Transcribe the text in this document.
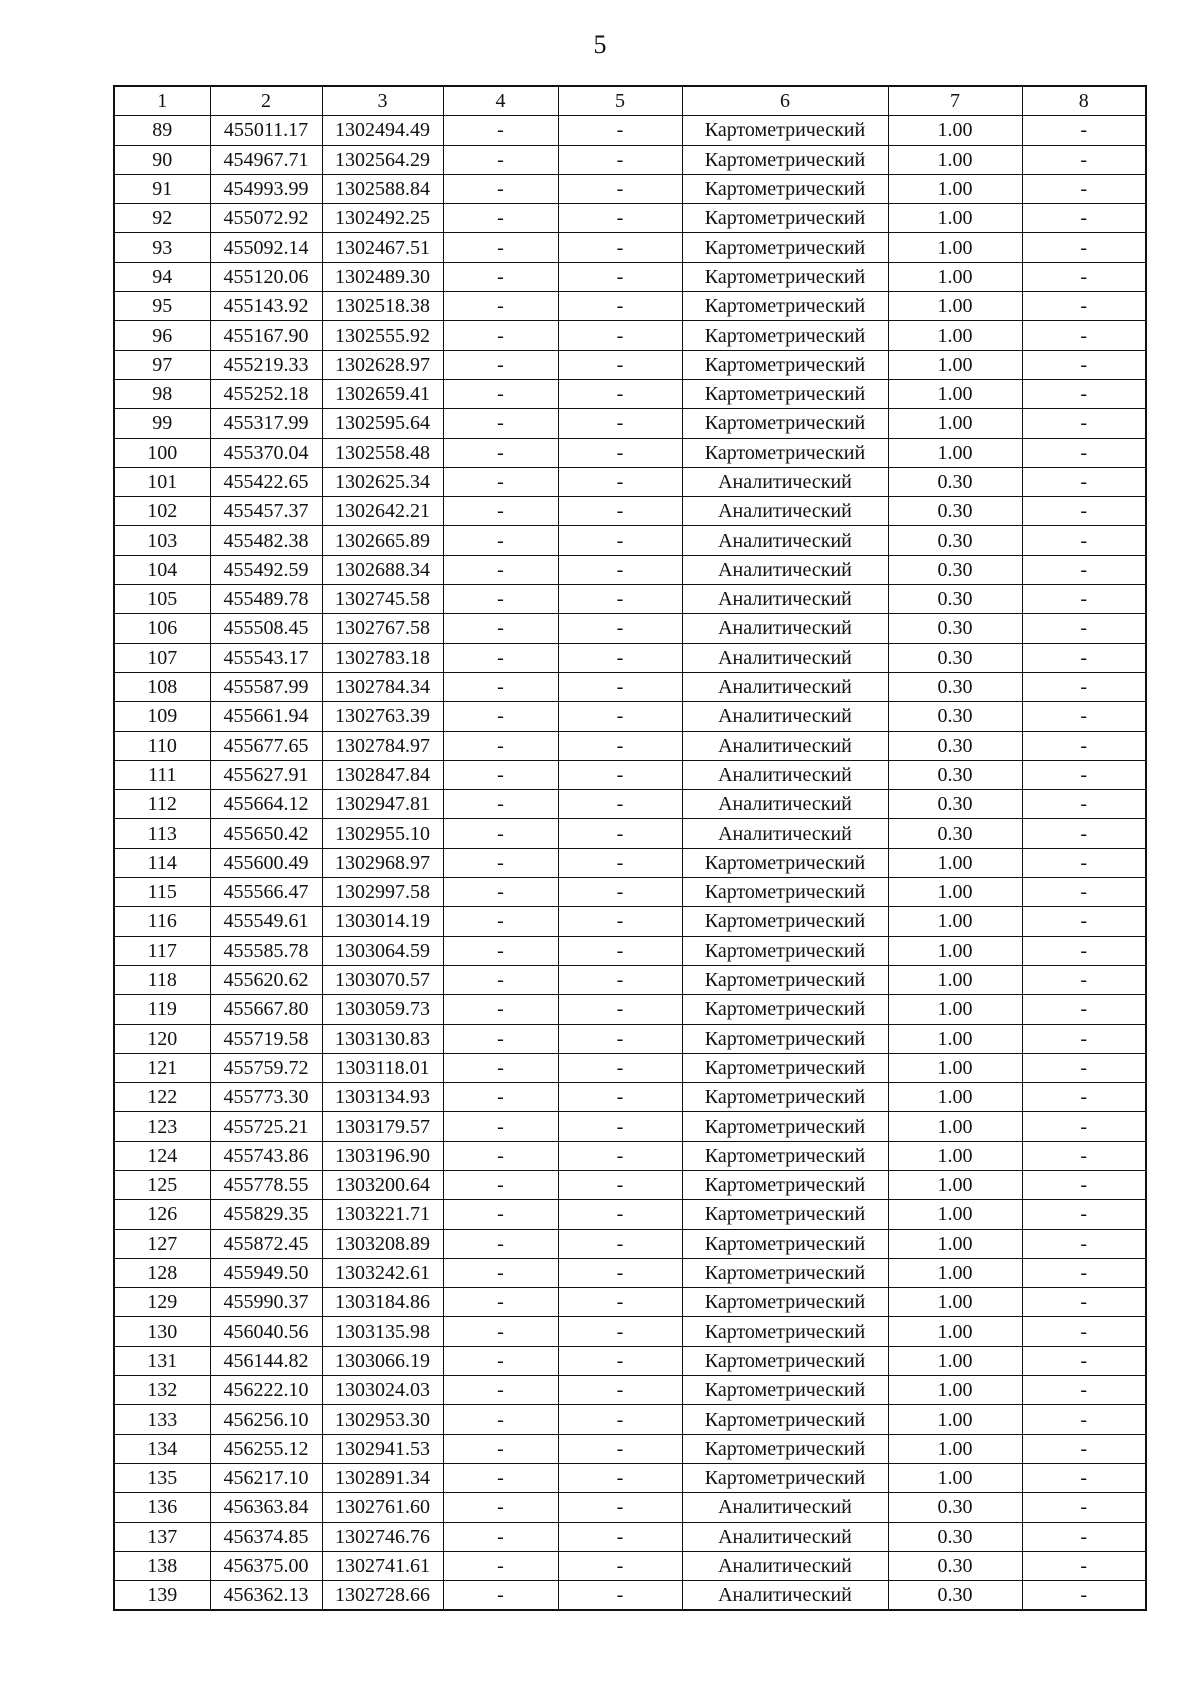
5
1	2	3	4	5	6	7	8
89	455011.17	1302494.49	-	-	Картометрический	1.00	-
90	454967.71	1302564.29	-	-	Картометрический	1.00	-
91	454993.99	1302588.84	-	-	Картометрический	1.00	-
92	455072.92	1302492.25	-	-	Картометрический	1.00	-
93	455092.14	1302467.51	-	-	Картометрический	1.00	-
94	455120.06	1302489.30	-	-	Картометрический	1.00	-
95	455143.92	1302518.38	-	-	Картометрический	1.00	-
96	455167.90	1302555.92	-	-	Картометрический	1.00	-
97	455219.33	1302628.97	-	-	Картометрический	1.00	-
98	455252.18	1302659.41	-	-	Картометрический	1.00	-
99	455317.99	1302595.64	-	-	Картометрический	1.00	-
100	455370.04	1302558.48	-	-	Картометрический	1.00	-
101	455422.65	1302625.34	-	-	Аналитический	0.30	-
102	455457.37	1302642.21	-	-	Аналитический	0.30	-
103	455482.38	1302665.89	-	-	Аналитический	0.30	-
104	455492.59	1302688.34	-	-	Аналитический	0.30	-
105	455489.78	1302745.58	-	-	Аналитический	0.30	-
106	455508.45	1302767.58	-	-	Аналитический	0.30	-
107	455543.17	1302783.18	-	-	Аналитический	0.30	-
108	455587.99	1302784.34	-	-	Аналитический	0.30	-
109	455661.94	1302763.39	-	-	Аналитический	0.30	-
110	455677.65	1302784.97	-	-	Аналитический	0.30	-
111	455627.91	1302847.84	-	-	Аналитический	0.30	-
112	455664.12	1302947.81	-	-	Аналитический	0.30	-
113	455650.42	1302955.10	-	-	Аналитический	0.30	-
114	455600.49	1302968.97	-	-	Картометрический	1.00	-
115	455566.47	1302997.58	-	-	Картометрический	1.00	-
116	455549.61	1303014.19	-	-	Картометрический	1.00	-
117	455585.78	1303064.59	-	-	Картометрический	1.00	-
118	455620.62	1303070.57	-	-	Картометрический	1.00	-
119	455667.80	1303059.73	-	-	Картометрический	1.00	-
120	455719.58	1303130.83	-	-	Картометрический	1.00	-
121	455759.72	1303118.01	-	-	Картометрический	1.00	-
122	455773.30	1303134.93	-	-	Картометрический	1.00	-
123	455725.21	1303179.57	-	-	Картометрический	1.00	-
124	455743.86	1303196.90	-	-	Картометрический	1.00	-
125	455778.55	1303200.64	-	-	Картометрический	1.00	-
126	455829.35	1303221.71	-	-	Картометрический	1.00	-
127	455872.45	1303208.89	-	-	Картометрический	1.00	-
128	455949.50	1303242.61	-	-	Картометрический	1.00	-
129	455990.37	1303184.86	-	-	Картометрический	1.00	-
130	456040.56	1303135.98	-	-	Картометрический	1.00	-
131	456144.82	1303066.19	-	-	Картометрический	1.00	-
132	456222.10	1303024.03	-	-	Картометрический	1.00	-
133	456256.10	1302953.30	-	-	Картометрический	1.00	-
134	456255.12	1302941.53	-	-	Картометрический	1.00	-
135	456217.10	1302891.34	-	-	Картометрический	1.00	-
136	456363.84	1302761.60	-	-	Аналитический	0.30	-
137	456374.85	1302746.76	-	-	Аналитический	0.30	-
138	456375.00	1302741.61	-	-	Аналитический	0.30	-
139	456362.13	1302728.66	-	-	Аналитический	0.30	-
